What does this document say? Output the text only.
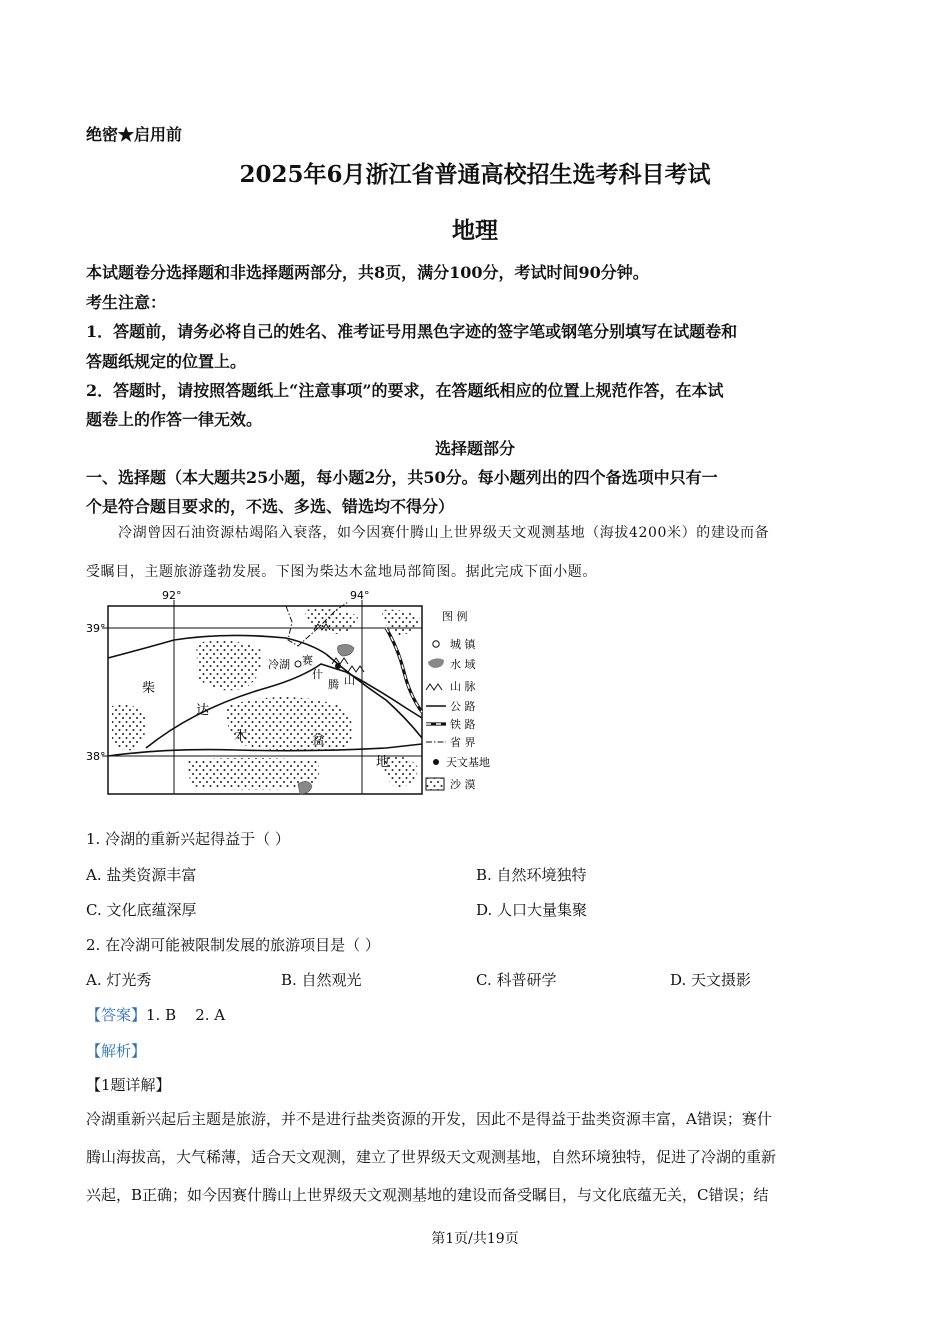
绝密★启用前
2025年6月浙江省普通高校招生选考科目考试
地理
本试题卷分选择题和非选择题两部分，共8页，满分100分，考试时间90分钟。
考生注意：
1．答题前，请务必将自己的姓名、准考证号用黑色字迹的签字笔或钢笔分别填写在试题卷和
答题纸规定的位置上。
2．答题时，请按照答题纸上“注意事项”的要求，在答题纸相应的位置上规范作答，在本试
题卷上的作答一律无效。
选择题部分
一、选择题（本大题共25小题，每小题2分，共50分。每小题列出的四个备选项中只有一
个是符合题目要求的，不选、多选、错选均不得分）
冷湖曾因石油资源枯竭陷入衰落，如今因赛什腾山上世界级天文观测基地（海拔4200米）的建设而备
受瞩目，主题旅游蓬勃发展。下图为柴达木盆地局部简图。据此完成下面小题。
92°	94°
39°
38°
柴
达
木	盆
地
冷湖 赛
什
腾 山
图 例
城 镇
水 域
山 脉
公 路
铁 路
省 界
天文基地
沙 漠
1. 冷湖的重新兴起得益于（ ）
A. 盐类资源丰富	B. 自然环境独特
C. 文化底蕴深厚	D. 人口大量集聚
2. 在冷湖可能被限制发展的旅游项目是（ ）
A. 灯光秀	B. 自然观光	C. 科普研学	D. 天文摄影
【答案】1. B    2. A
【解析】
【1题详解】
冷湖重新兴起后主题是旅游，并不是进行盐类资源的开发，因此不是得益于盐类资源丰富，A错误；赛什
腾山海拔高，大气稀薄，适合天文观测，建立了世界级天文观测基地，自然环境独特，促进了冷湖的重新
兴起，B正确；如今因赛什腾山上世界级天文观测基地的建设而备受瞩目，与文化底蕴无关，C错误；结
第1页/共19页
